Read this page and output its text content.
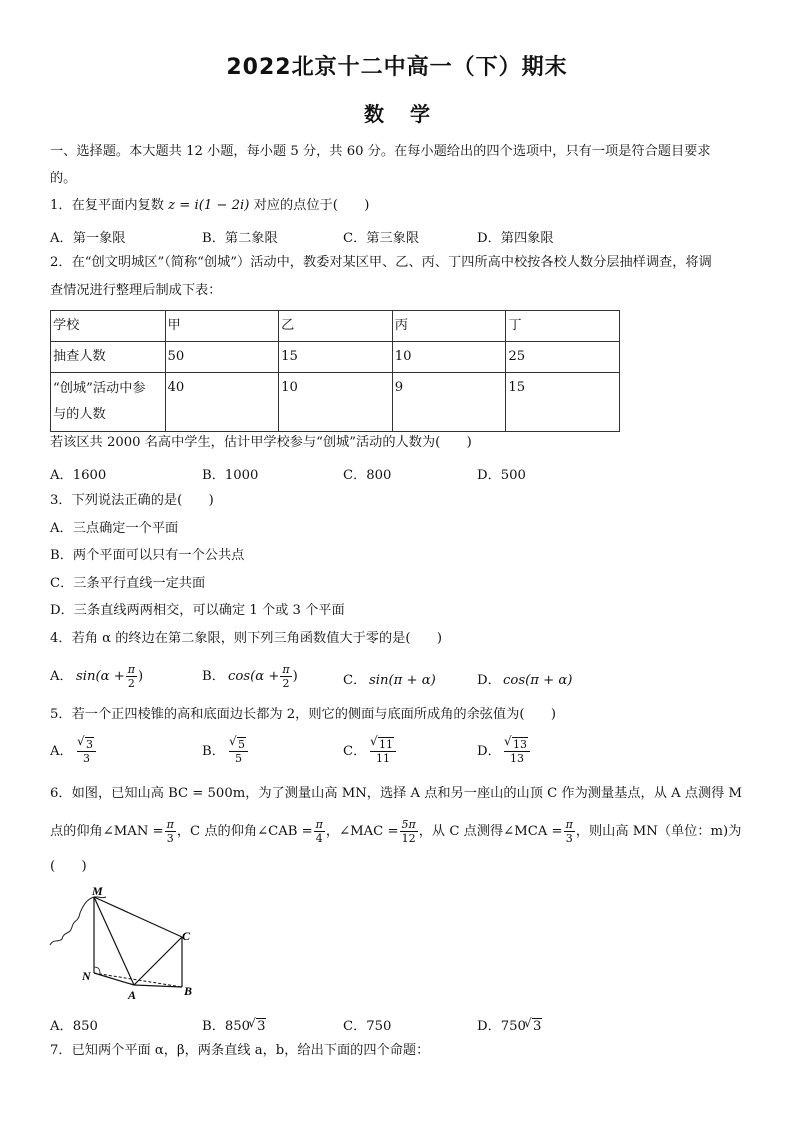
2022北京十二中高一（下）期末
数学
一、选择题。本大题共 12 小题，每小题 5 分，共 60 分。在每小题给出的四个选项中，只有一项是符合题目要求
的。
1．在复平面内复数 z = i(1 − 2i) 对应的点位于(　　)
A．第一象限	B．第二象限	C．第三象限	D．第四象限
2．在“创文明城区”（简称“创城”）活动中，教委对某区甲、乙、丙、丁四所高中校按各校人数分层抽样调查，将调
查情况进行整理后制成下表：
学校	甲	乙	丙	丁
抽查人数	50	15	10	25
“创城”活动中参
与的人数	40	10	9	15
若该区共 2000 名高中学生，估计甲学校参与“创城”活动的人数为(　　)
A．1600	B．1000	C．800	D．500
3．下列说法正确的是(　　)
A．三点确定一个平面
B．两个平面可以只有一个公共点
C．三条平行直线一定共面
D．三条直线两两相交，可以确定 1 个或 3 个平面
4．若角 α 的终边在第二象限，则下列三角函数值大于零的是(　　)
A． $\sin(\alpha + \frac{\pi}{2}$ )	B． $\cos(\alpha + \frac{\pi}{2}$ )	C． sin(π + α)	D． cos(π + α)
5．若一个正四棱锥的高和底面边长都为 2，则它的侧面与底面所成角的余弦值为(　　)
A． √ $\frac{3}{3}$	B． √ $\frac{5}{5}$	C． √ $\frac{11}{11}$	D． √ $\frac{13}{13}$
6．如图，已知山高 BC = 500m，为了测量山高 MN，选择 A 点和另一座山的山顶 C 作为测量基点，从 A 点测得 M
点的仰角∠MAN = $\frac{\pi}{3}$ ，C 点的仰角∠CAB = $\frac{\pi}{4}$ ，∠MAC = $\frac{5\pi}{12}$ ，从 C 点测得∠MCA = $\frac{\pi}{3}$ ，则山高 MN（单位：m)为
(　　)
M
C
N
A	B
A．850	B．850 √ 3	C．750	D．750 √ 3
7．已知两个平面 α，β，两条直线 a，b，给出下面的四个命题：
